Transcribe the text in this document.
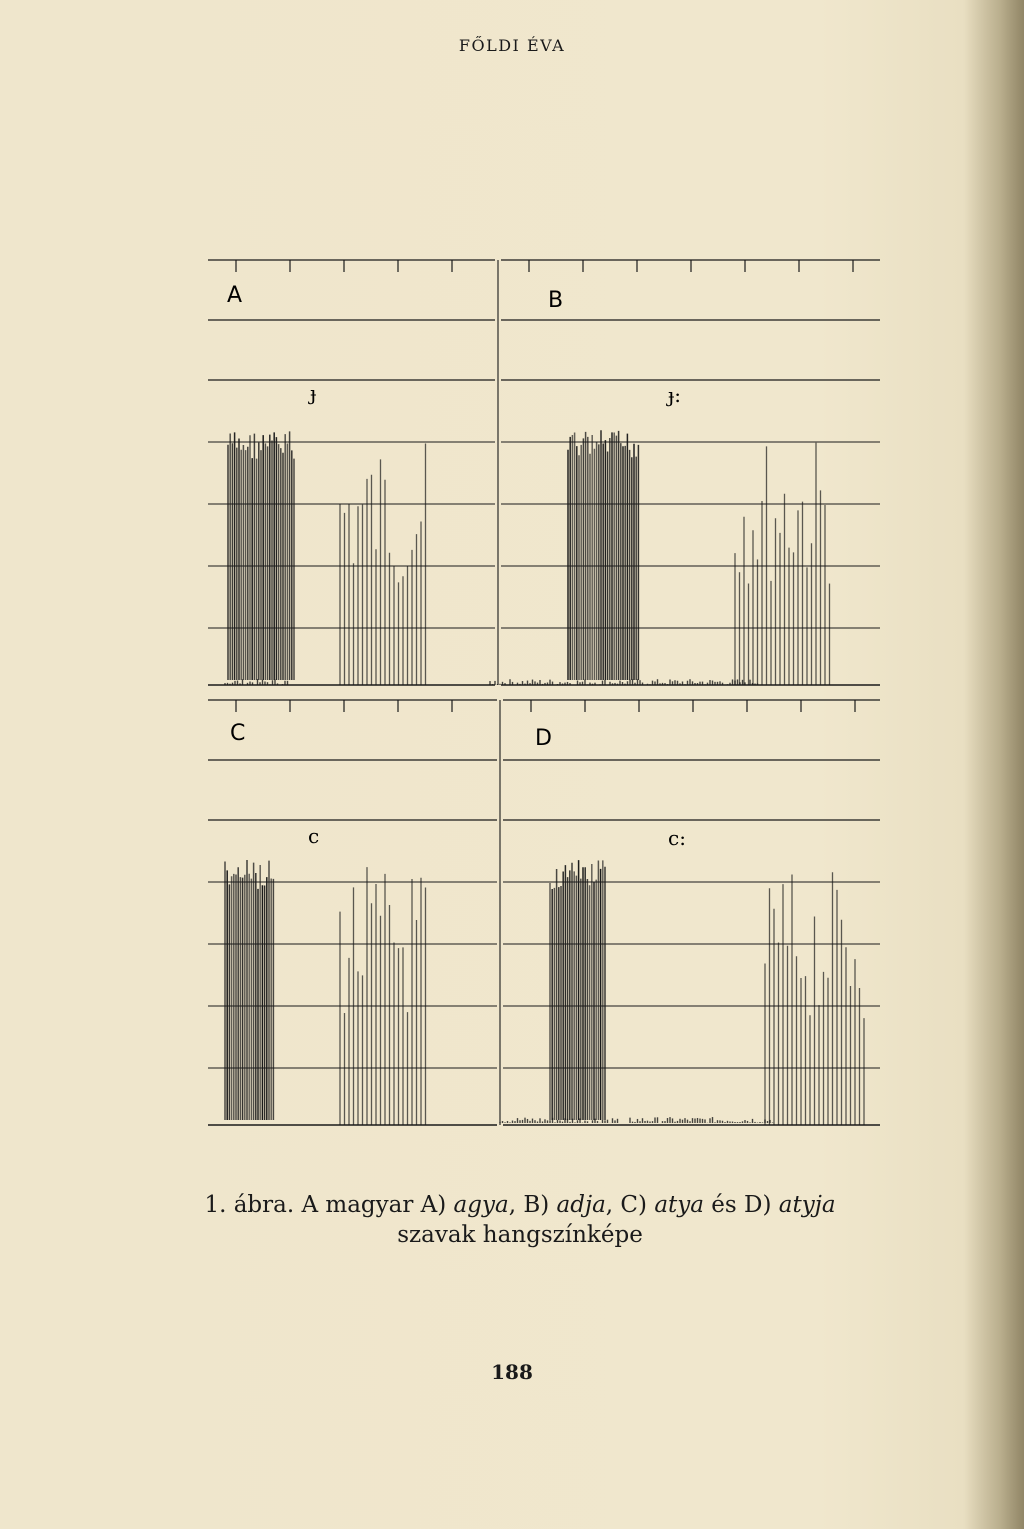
FŐLDI ÉVA
A	B
C	D
ɟ	ɟ:
c	c:
1. ábra. A magyar A) agya, B) adja, C) atya és D) atyja
szavak hangszínképe
188
